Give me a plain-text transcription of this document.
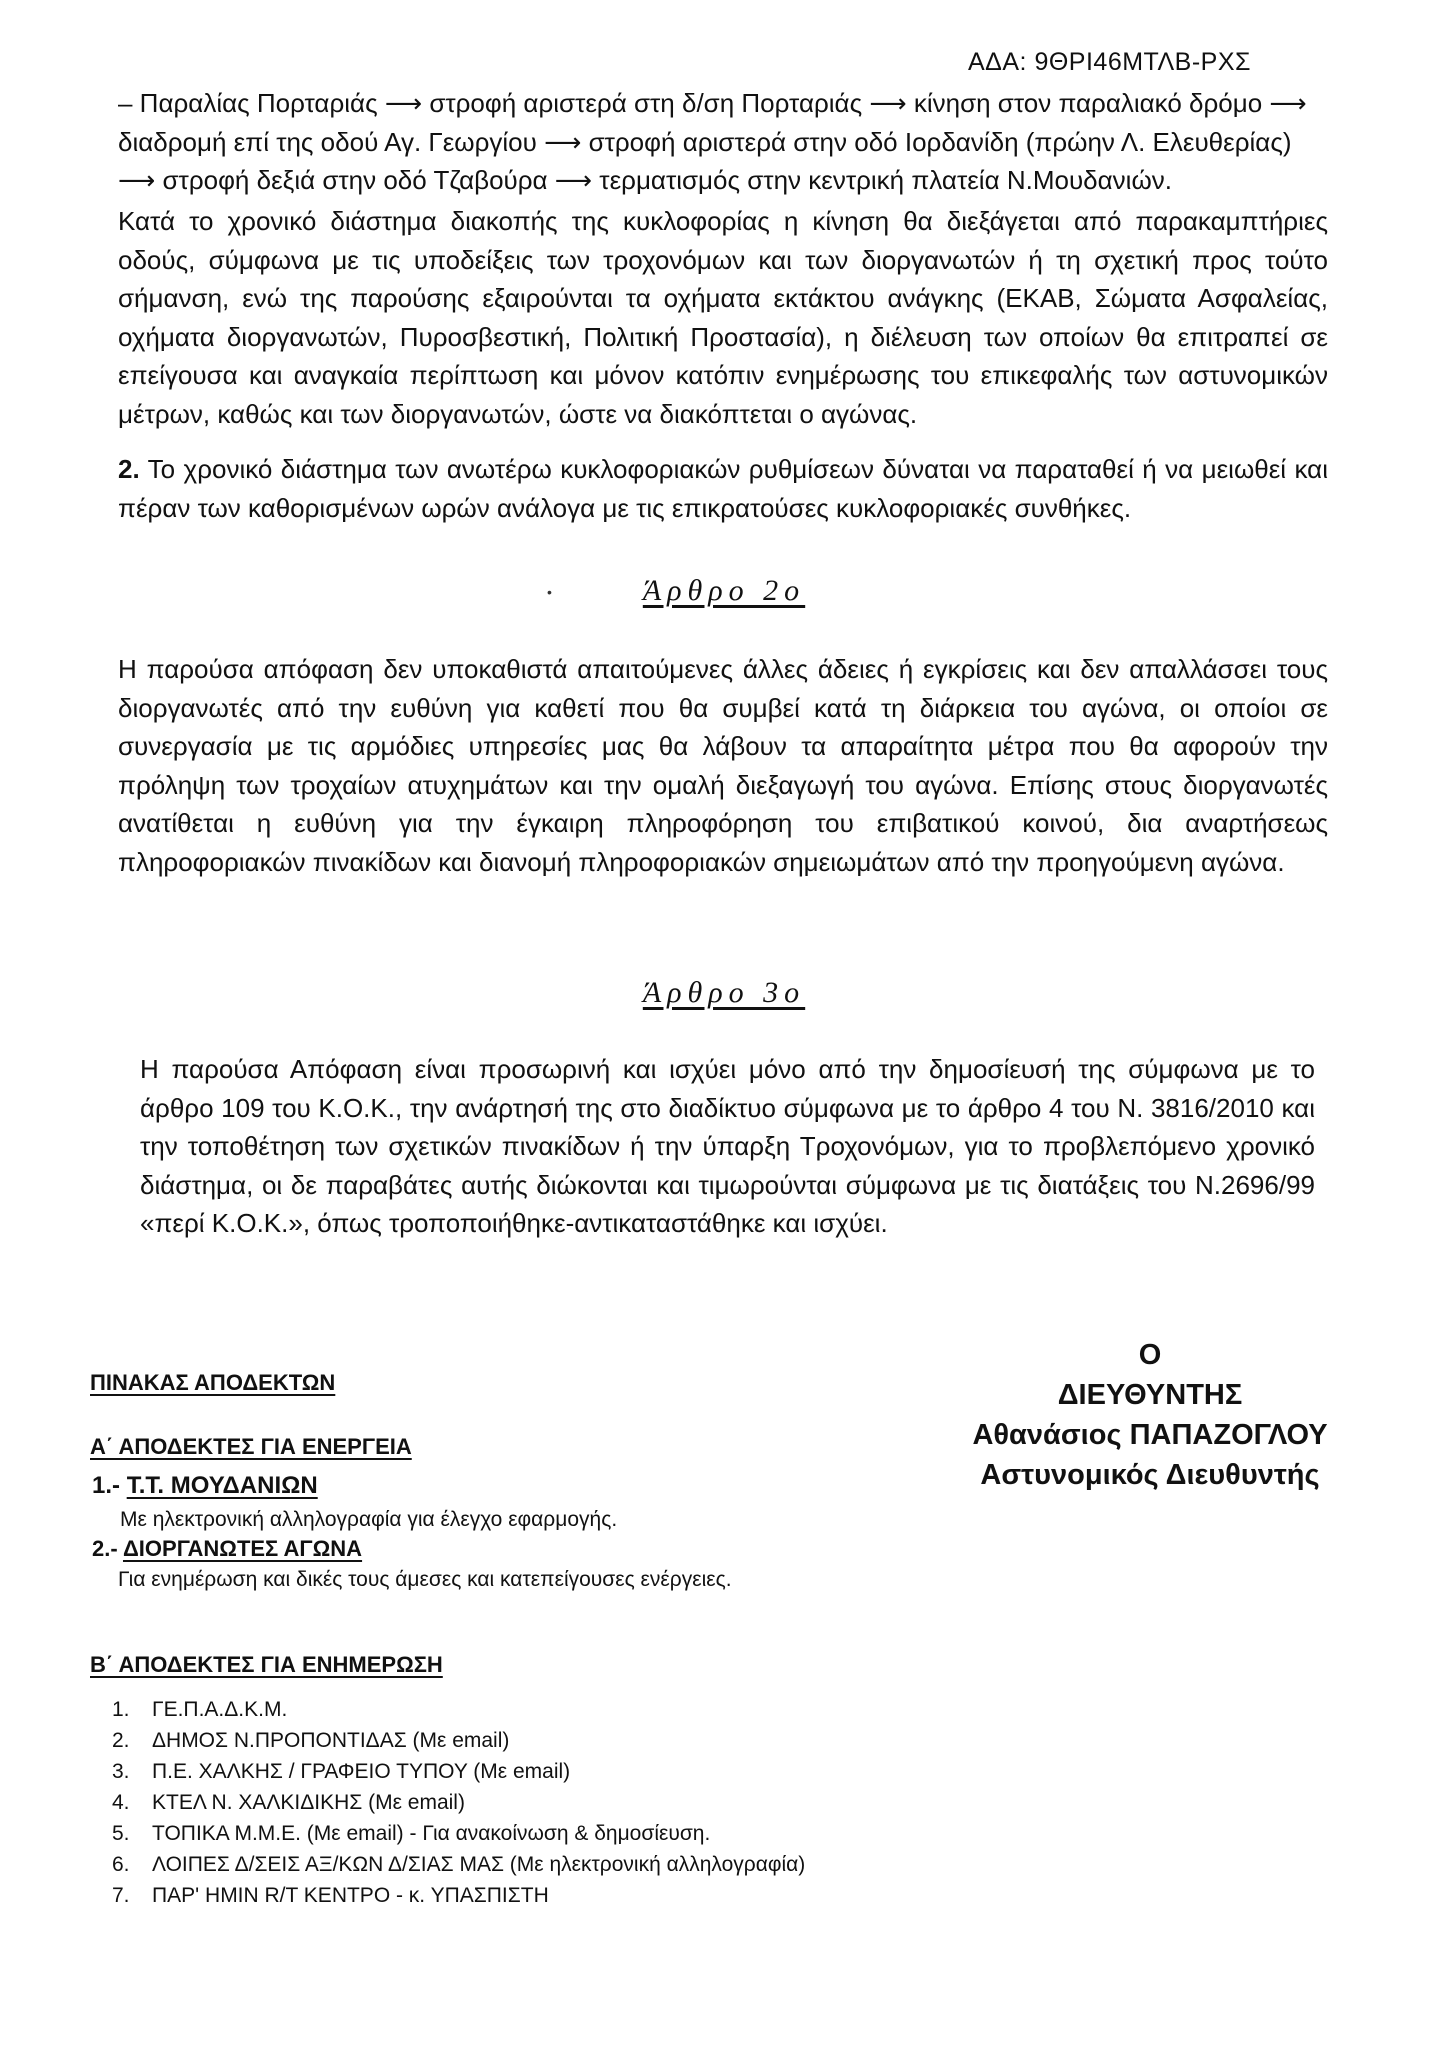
ΑΔΑ: 9ΘΡΙ46ΜΤΛΒ-ΡΧΣ

– Παραλίας Πορταριάς ⟶ στροφή αριστερά στη δ/ση Πορταριάς ⟶ κίνηση στον παραλιακό δρόμο ⟶

διαδρομή επί της οδού Αγ. Γεωργίου ⟶ στροφή αριστερά στην οδό Ιορδανίδη (πρώην Λ. Ελευθερίας)

⟶ στροφή δεξιά στην οδό Τζαβούρα ⟶ τερματισμός στην κεντρική πλατεία Ν.Μουδανιών.

Κατά το χρονικό διάστημα διακοπής της κυκλοφορίας η κίνηση θα διεξάγεται από παρακαμπτήριες οδούς, σύμφωνα με τις υποδείξεις των τροχονόμων και των διοργανωτών ή τη σχετική προς τούτο σήμανση, ενώ της παρούσης εξαιρούνται τα οχήματα εκτάκτου ανάγκης (ΕΚΑΒ, Σώματα Ασφαλείας, οχήματα διοργανωτών, Πυροσβεστική, Πολιτική Προστασία), η διέλευση των οποίων θα επιτραπεί σε επείγουσα και αναγκαία περίπτωση και μόνον κατόπιν ενημέρωσης του επικεφαλής των αστυνομικών μέτρων, καθώς και των διοργανωτών, ώστε να διακόπτεται ο αγώνας.

2. Το χρονικό διάστημα των ανωτέρω κυκλοφοριακών ρυθμίσεων δύναται να παραταθεί ή να μειωθεί και πέραν των καθορισμένων ωρών ανάλογα με τις επικρατούσες κυκλοφοριακές συνθήκες.

•	Άρθρο 2ο

Η παρούσα απόφαση δεν υποκαθιστά απαιτούμενες άλλες άδειες ή εγκρίσεις και δεν απαλλάσσει τους διοργανωτές από την ευθύνη για καθετί που θα συμβεί κατά τη διάρκεια του αγώνα, οι οποίοι σε συνεργασία με τις αρμόδιες υπηρεσίες μας θα λάβουν τα απαραίτητα μέτρα που θα αφορούν την πρόληψη των τροχαίων ατυχημάτων και την ομαλή διεξαγωγή του αγώνα. Επίσης στους διοργανωτές ανατίθεται η ευθύνη για την έγκαιρη πληροφόρηση του επιβατικού κοινού, δια αναρτήσεως πληροφοριακών πινακίδων και διανομή πληροφοριακών σημειωμάτων από την προηγούμενη αγώνα.

Άρθρο 3ο

Η παρούσα Απόφαση είναι προσωρινή και ισχύει μόνο από την δημοσίευσή της σύμφωνα με το άρθρο 109 του Κ.Ο.Κ., την ανάρτησή της στο διαδίκτυο σύμφωνα με το άρθρο 4 του Ν. 3816/2010 και την τοποθέτηση των σχετικών πινακίδων ή την ύπαρξη Τροχονόμων, για το προβλεπόμενο χρονικό διάστημα, οι δε παραβάτες αυτής διώκονται και τιμωρούνται σύμφωνα με τις διατάξεις του Ν.2696/99 «περί Κ.Ο.Κ.», όπως τροποποιήθηκε-αντικαταστάθηκε και ισχύει.

Ο
ΔΙΕΥΘΥΝΤΗΣ
Αθανάσιος ΠΑΠΑΖΟΓΛΟΥ
Αστυνομικός Διευθυντής
ΠΙΝΑΚΑΣ ΑΠΟΔΕΚΤΩΝ
Α΄ ΑΠΟΔΕΚΤΕΣ ΓΙΑ ΕΝΕΡΓΕΙΑ
1.- Τ.Τ. ΜΟΥΔΑΝΙΩΝ
Με ηλεκτρονική αλληλογραφία για έλεγχο εφαρμογής.
2.- ΔΙΟΡΓΑΝΩΤΕΣ ΑΓΩΝΑ
Για ενημέρωση και δικές τους άμεσες και κατεπείγουσες ενέργειες.
Β΄ ΑΠΟΔΕΚΤΕΣ ΓΙΑ ΕΝΗΜΕΡΩΣΗ
1.	ΓΕ.Π.Α.Δ.Κ.Μ.
2.	ΔΗΜΟΣ Ν.ΠΡΟΠΟΝΤΙΔΑΣ (Με email)
3.	Π.Ε. ΧΑΛΚΗΣ / ΓΡΑΦΕΙΟ ΤΥΠΟΥ (Με email)
4.	ΚΤΕΛ Ν. ΧΑΛΚΙΔΙΚΗΣ (Με email)
5.	ΤΟΠΙΚΑ Μ.Μ.Ε. (Με email) - Για ανακοίνωση & δημοσίευση.
6.	ΛΟΙΠΕΣ Δ/ΣΕΙΣ ΑΞ/ΚΩΝ Δ/ΣΙΑΣ ΜΑΣ (Με ηλεκτρονική αλληλογραφία)
7.	ΠΑΡ' ΗΜΙΝ R/T ΚΕΝΤΡΟ - κ. ΥΠΑΣΠΙΣΤΗ
